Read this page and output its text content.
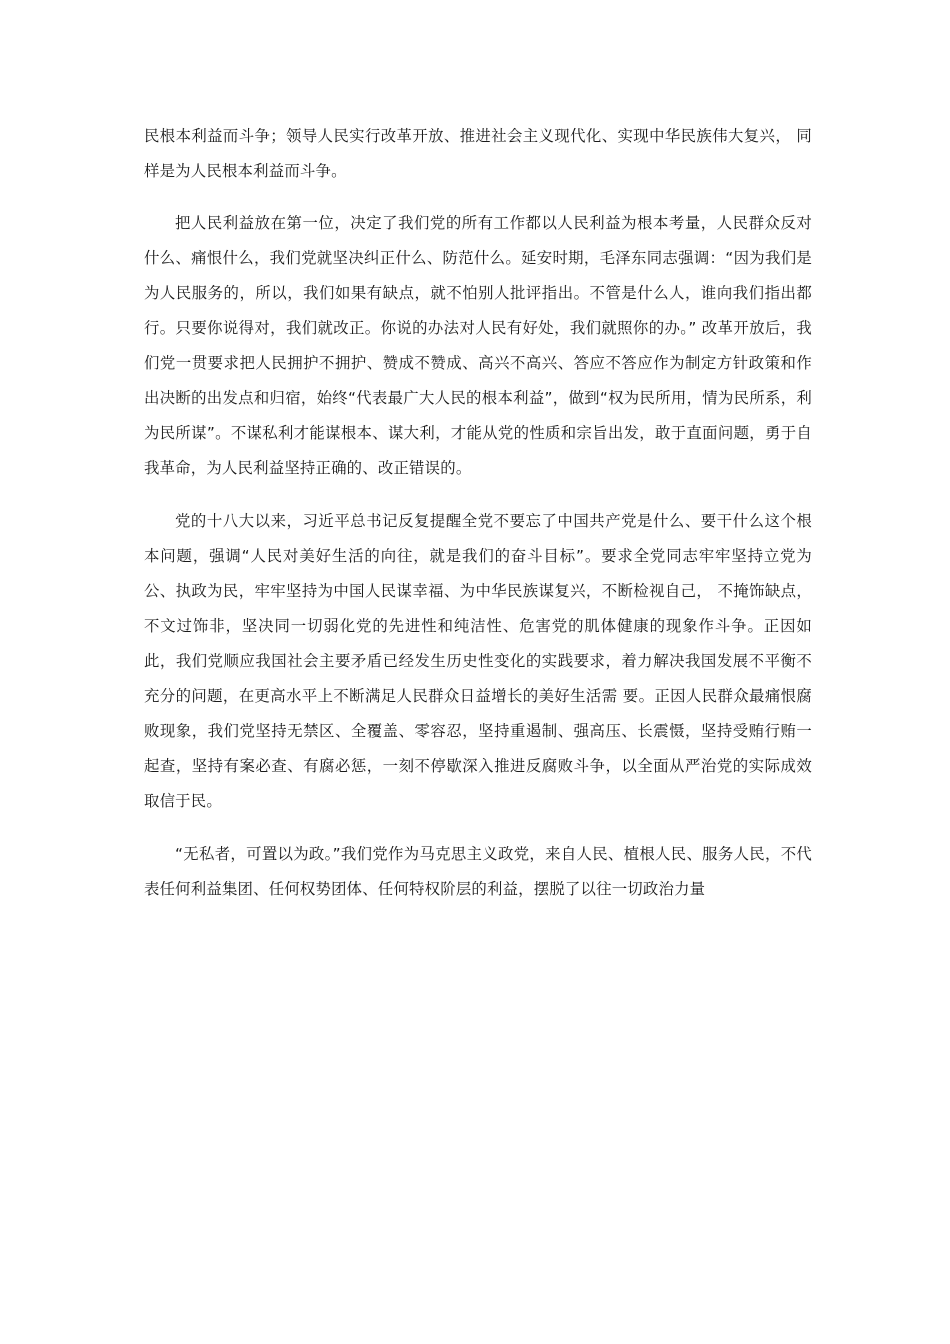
民根本利益而斗争；领导人民实行改革开放、推进社会主义现代化、实现中华民族伟大复兴， 同样是为人民根本利益而斗争。

把人民利益放在第一位，决定了我们党的所有工作都以人民利益为根本考量，人民群众反对什么、痛恨什么，我们党就坚决纠正什么、防范什么。延安时期，毛泽东同志强调：“因为我们是为人民服务的，所以，我们如果有缺点，就不怕别人批评指出。不管是什么人，谁向我们指出都行。只要你说得对，我们就改正。你说的办法对人民有好处，我们就照你的办。” 改革开放后，我们党一贯要求把人民拥护不拥护、赞成不赞成、高兴不高兴、答应不答应作为制定方针政策和作出决断的出发点和归宿，始终“代表最广大人民的根本利益”，做到“权为民所用，情为民所系，利为民所谋”。不谋私利才能谋根本、谋大利，才能从党的性质和宗旨出发，敢于直面问题，勇于自我革命，为人民利益坚持正确的、改正错误的。

党的十八大以来，习近平总书记反复提醒全党不要忘了中国共产党是什么、要干什么这个根本问题，强调“人民对美好生活的向往，就是我们的奋斗目标”。要求全党同志牢牢坚持立党为公、执政为民，牢牢坚持为中国人民谋幸福、为中华民族谋复兴，不断检视自己， 不掩饰缺点，不文过饰非，坚决同一切弱化党的先进性和纯洁性、危害党的肌体健康的现象作斗争。正因如此，我们党顺应我国社会主要矛盾已经发生历史性变化的实践要求，着力解决我国发展不平衡不充分的问题，在更高水平上不断满足人民群众日益增长的美好生活需 要。正因人民群众最痛恨腐败现象，我们党坚持无禁区、全覆盖、零容忍，坚持重遏制、强高压、长震慑，坚持受贿行贿一起查，坚持有案必查、有腐必惩，一刻不停歇深入推进反腐败斗争，以全面从严治党的实际成效取信于民。

“无私者，可置以为政。”我们党作为马克思主义政党，来自人民、植根人民、服务人民，不代表任何利益集团、任何权势团体、任何特权阶层的利益，摆脱了以往一切政治力量
